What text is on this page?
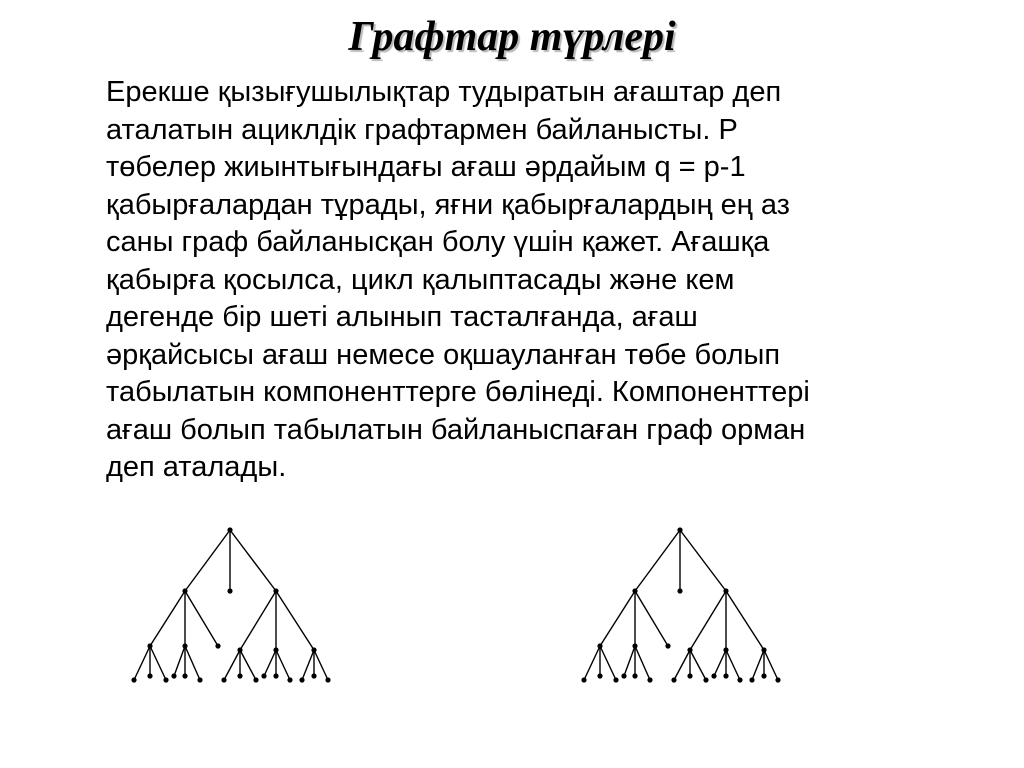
Графтар түрлері
Ерекше қызығушылықтар тудыратын ағаштар деп
аталатын ациклдік графтармен байланысты. P
төбелер жиынтығындағы ағаш әрдайым q = p-1
қабырғалардан тұрады, яғни қабырғалардың ең аз
саны граф байланысқан болу үшін қажет. Ағашқа
қабырға қосылса, цикл қалыптасады және кем
дегенде бір шеті алынып тасталғанда, ағаш
әрқайсысы ағаш немесе оқшауланған төбе болып
табылатын компоненттерге бөлінеді. Компоненттері
ағаш болып табылатын байланыспаған граф орман
деп аталады.
